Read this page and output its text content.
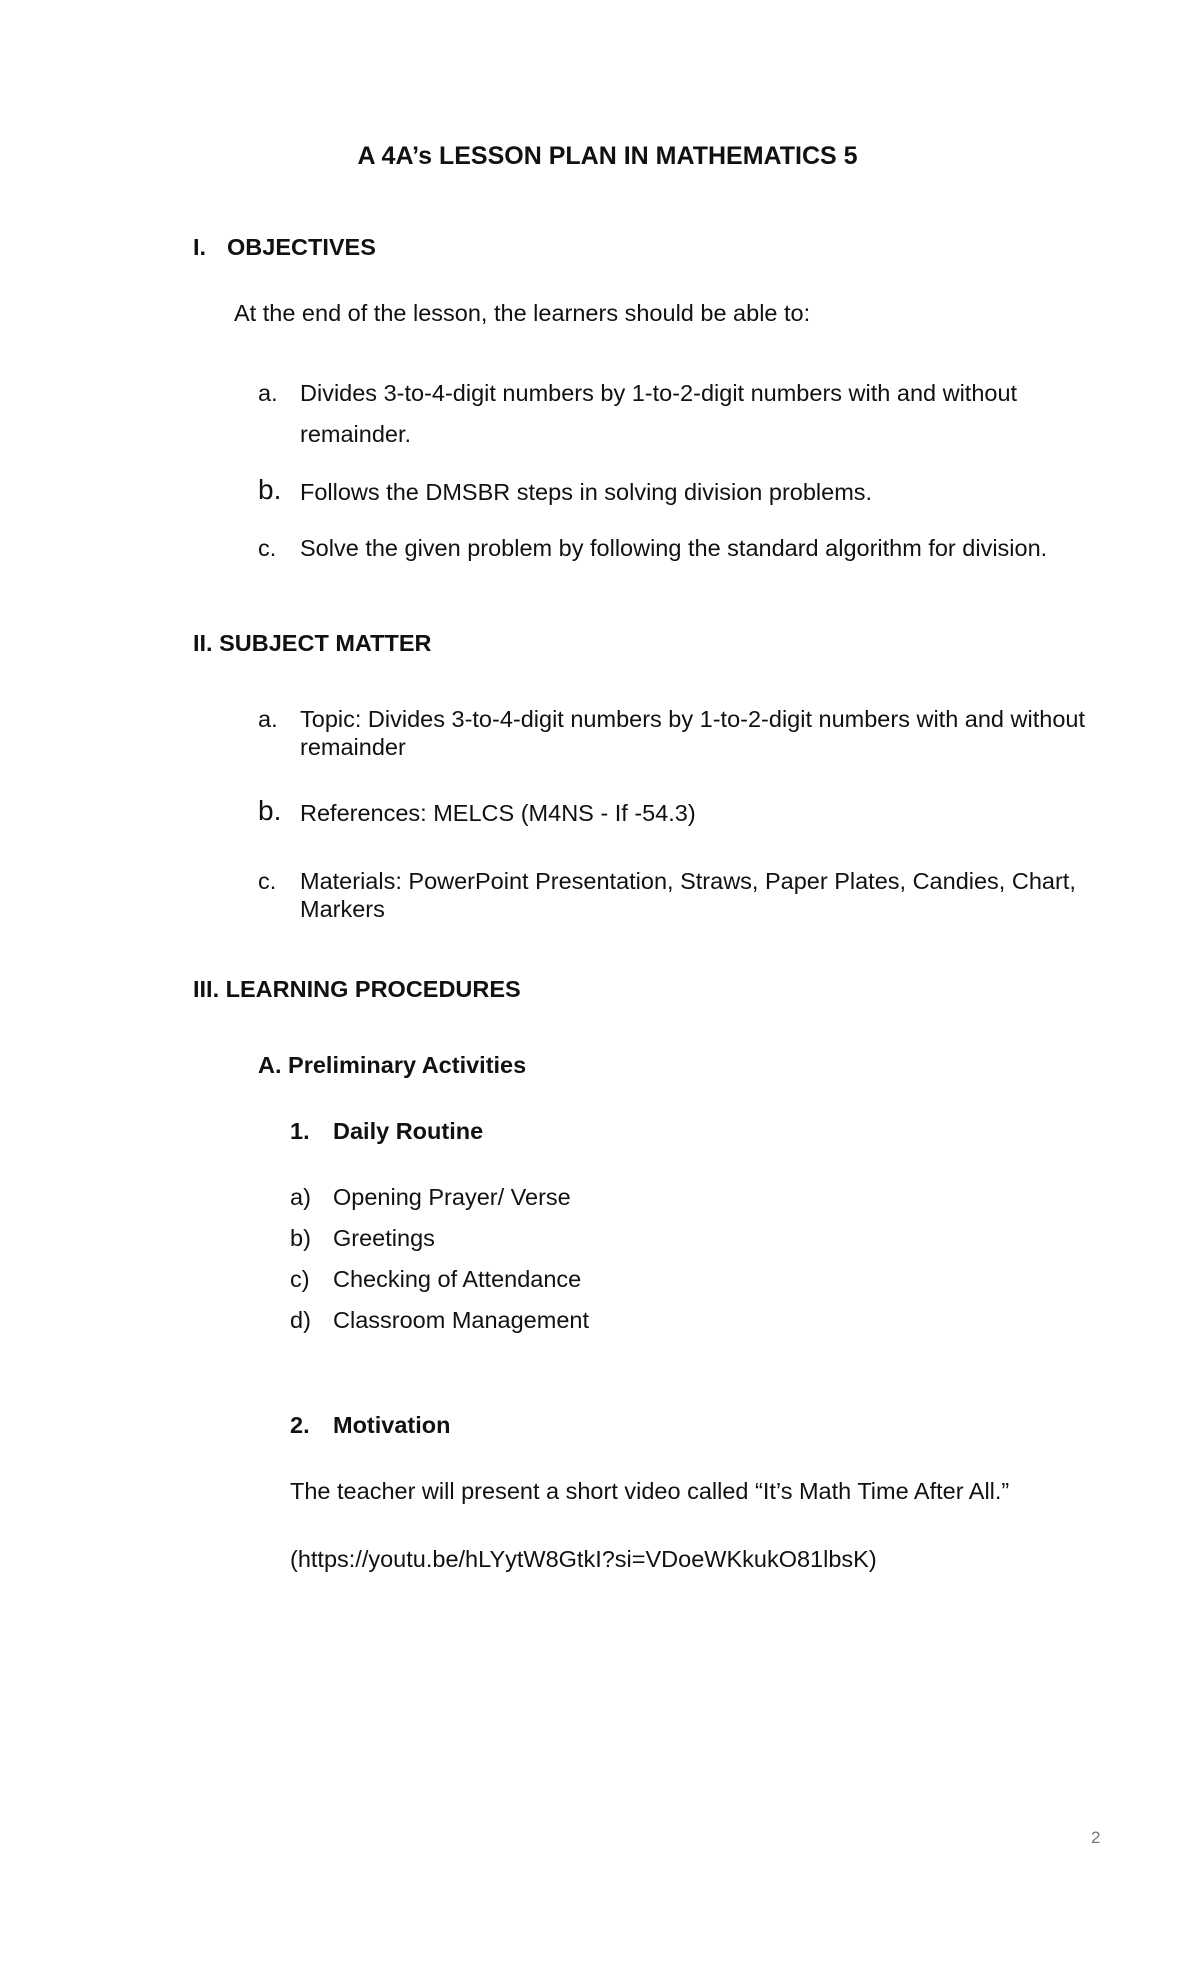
A 4A’s LESSON PLAN IN MATHEMATICS 5
I. OBJECTIVES
At the end of the lesson, the learners should be able to:
a. Divides 3-to-4-digit numbers by 1-to-2-digit numbers with and without
remainder.
b. Follows the DMSBR steps in solving division problems.
c. Solve the given problem by following the standard algorithm for division.
II. SUBJECT MATTER
a. Topic: Divides 3-to-4-digit numbers by 1-to-2-digit numbers with and without
remainder
b. References: MELCS (M4NS - If -54.3)
c. Materials: PowerPoint Presentation, Straws, Paper Plates, Candies, Chart,
Markers
III. LEARNING PROCEDURES
A. Preliminary Activities
1. Daily Routine
a) Opening Prayer/ Verse
b) Greetings
c) Checking of Attendance
d) Classroom Management
2. Motivation
The teacher will present a short video called “It’s Math Time After All.”
(https://youtu.be/hLYytW8GtkI?si=VDoeWKkukO81lbsK)
2
